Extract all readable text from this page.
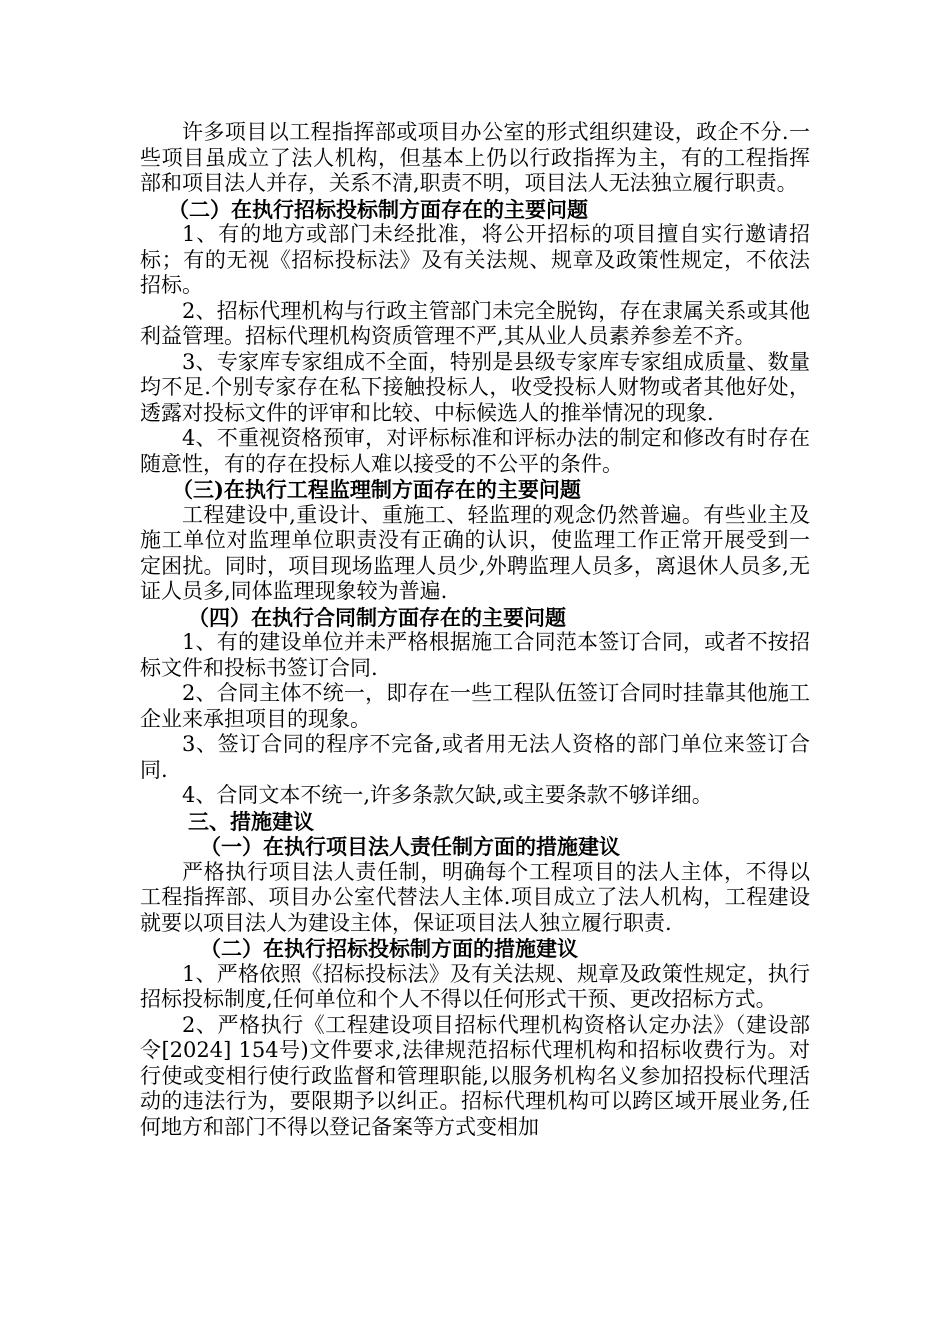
许多项目以工程指挥部或项目办公室的形式组织建设，政企不分.一些项目虽成立了法人机构，但基本上仍以行政指挥为主，有的工程指挥部和项目法人并存，关系不清,职责不明，项目法人无法独立履行职责。

（二）在执行招标投标制方面存在的主要问题

1、有的地方或部门未经批准，将公开招标的项目擅自实行邀请招标；有的无视《招标投标法》及有关法规、规章及政策性规定，不依法招标。

2、招标代理机构与行政主管部门未完全脱钩，存在隶属关系或其他利益管理。招标代理机构资质管理不严,其从业人员素养参差不齐。

3、专家库专家组成不全面，特别是县级专家库专家组成质量、数量均不足.个别专家存在私下接触投标人，收受投标人财物或者其他好处，透露对投标文件的评审和比较、中标候选人的推举情况的现象.

4、不重视资格预审，对评标标准和评标办法的制定和修改有时存在随意性，有的存在投标人难以接受的不公平的条件。

（三)在执行工程监理制方面存在的主要问题

工程建设中,重设计、重施工、轻监理的观念仍然普遍。有些业主及施工单位对监理单位职责没有正确的认识，使监理工作正常开展受到一定困扰。同时，项目现场监理人员少,外聘监理人员多，离退休人员多,无证人员多,同体监理现象较为普遍.

（四）在执行合同制方面存在的主要问题

1、有的建设单位并未严格根据施工合同范本签订合同，或者不按招标文件和投标书签订合同.

2、合同主体不统一，即存在一些工程队伍签订合同时挂靠其他施工企业来承担项目的现象。

3、签订合同的程序不完备,或者用无法人资格的部门单位来签订合同.

4、合同文本不统一,许多条款欠缺,或主要条款不够详细。

三、措施建议

（一）在执行项目法人责任制方面的措施建议

严格执行项目法人责任制，明确每个工程项目的法人主体，不得以工程指挥部、项目办公室代替法人主体.项目成立了法人机构，工程建设就要以项目法人为建设主体，保证项目法人独立履行职责.

（二）在执行招标投标制方面的措施建议

1、严格依照《招标投标法》及有关法规、规章及政策性规定，执行招标投标制度,任何单位和个人不得以任何形式干预、更改招标方式。

2、严格执行《工程建设项目招标代理机构资格认定办法》（建设部令[2024] 154号)文件要求,法律规范招标代理机构和招标收费行为。对行使或变相行使行政监督和管理职能,以服务机构名义参加招投标代理活动的违法行为，要限期予以纠正。招标代理机构可以跨区域开展业务,任何地方和部门不得以登记备案等方式变相加
